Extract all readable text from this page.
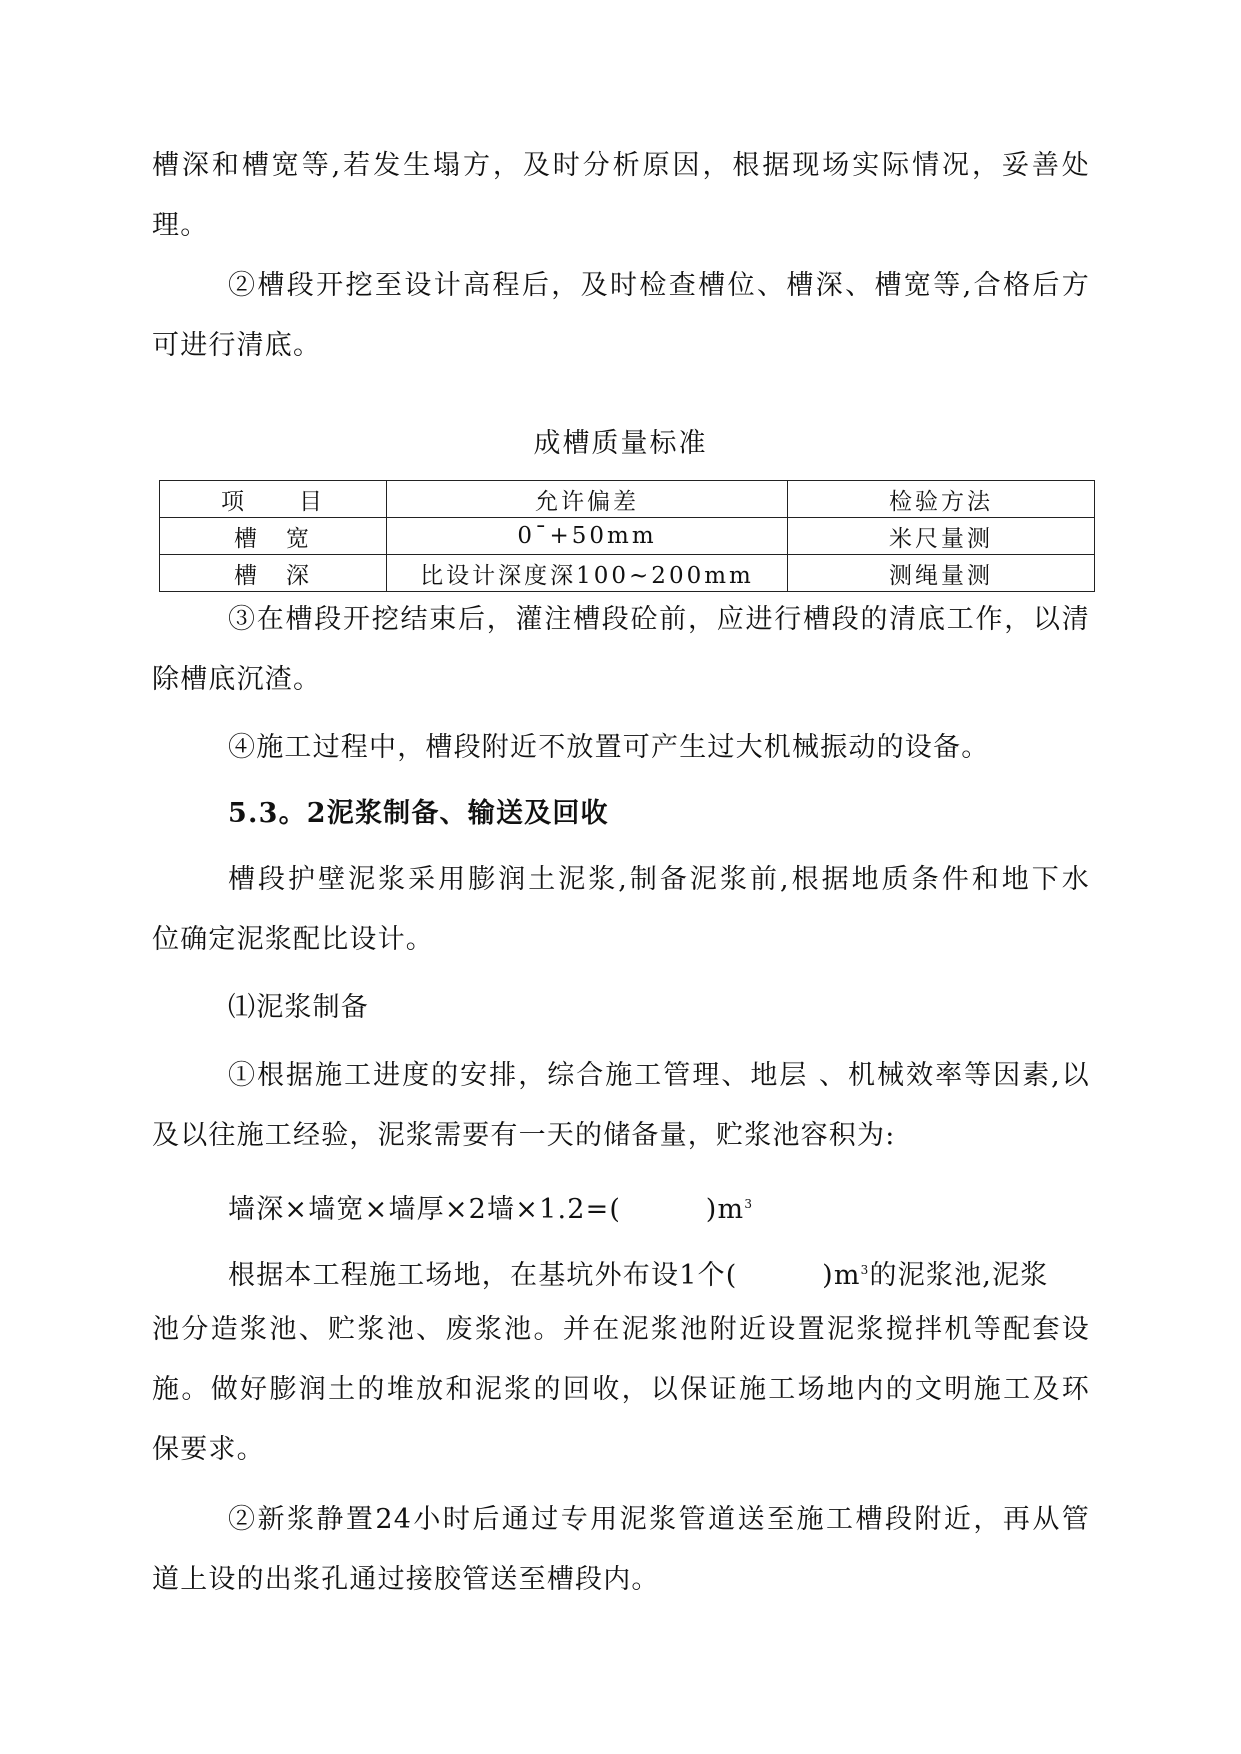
槽深和槽宽等,若发生塌方，及时分析原因，根据现场实际情况，妥善处
理。
②槽段开挖至设计高程后，及时检查槽位、槽深、槽宽等,合格后方
可进行清底。
成槽质量标准
项　　目	允许偏差	检验方法
槽　宽	0¯+50mm	米尺量测
槽　深	比设计深度深100~200mm	测绳量测
③在槽段开挖结束后，灌注槽段砼前，应进行槽段的清底工作，以清
除槽底沉渣。
④施工过程中，槽段附近不放置可产生过大机械振动的设备。
5.3。2泥浆制备、输送及回收
槽段护壁泥浆采用膨润土泥浆,制备泥浆前,根据地质条件和地下水
位确定泥浆配比设计。
⑴泥浆制备
①根据施工进度的安排，综合施工管理、地层 、机械效率等因素,以
及以往施工经验，泥浆需要有一天的储备量，贮浆池容积为:
墙深×墙宽×墙厚×2墙×1.2=(　　　)$m^3$
根据本工程施工场地，在基坑外布设1个(　　　)$m^3$的泥浆池,泥浆
池分造浆池、贮浆池、废浆池。并在泥浆池附近设置泥浆搅拌机等配套设
施。做好膨润土的堆放和泥浆的回收，以保证施工场地内的文明施工及环
保要求。
②新浆静置24小时后通过专用泥浆管道送至施工槽段附近，再从管
道上设的出浆孔通过接胶管送至槽段内。
